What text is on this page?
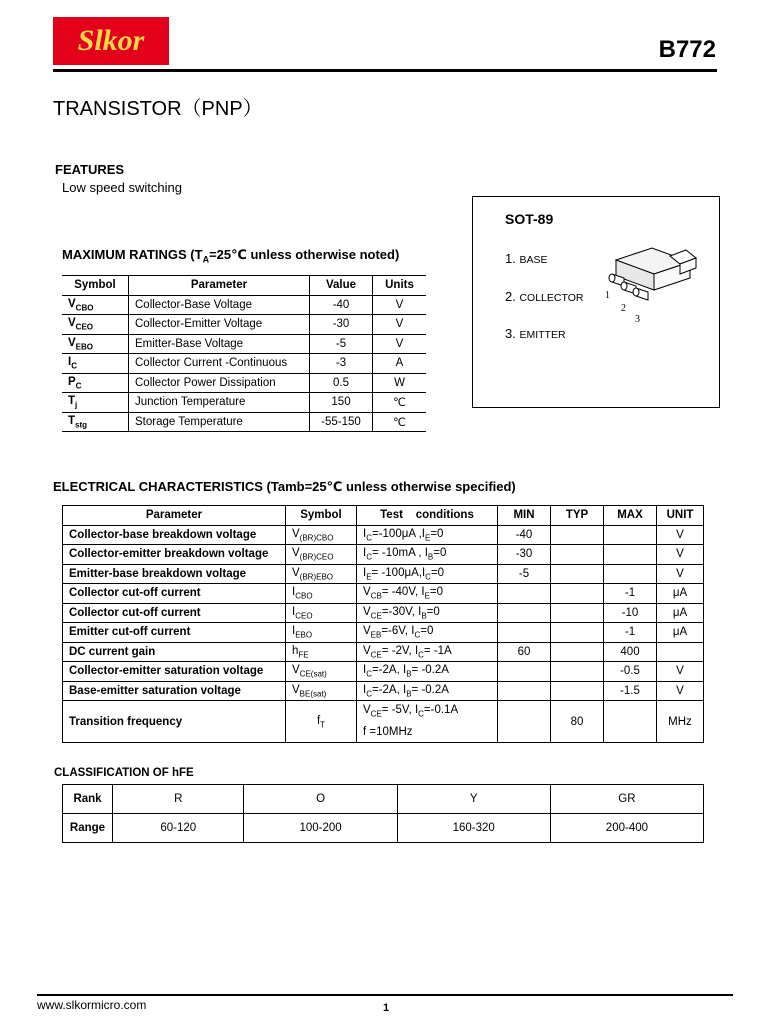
Slkor	B772
TRANSISTOR（PNP）
FEATURES
Low speed switching
SOT-89
1. BASE
2. COLLECTOR
3. EMITTER
1
2
3
MAXIMUM RATINGS ($T_A=25℃$ unless otherwise noted)
Symbol	Parameter	Value	Units
$V_{CBO}$	Collector-Base Voltage	-40	V
$V_{CEO}$	Collector-Emitter Voltage	-30	V
$V_{EBO}$	Emitter-Base Voltage	-5	V
$I_C$	Collector Current -Continuous	-3	A
$P_C$	Collector Power Dissipation	0.5	W
$T_j$	Junction Temperature	150	℃
$T_{stg}$	Storage Temperature	-55-150	℃
ELECTRICAL CHARACTERISTICS (Tamb=25℃ unless otherwise specified)
Parameter	Symbol	Test    conditions	MIN	TYP	MAX	UNIT
Collector-base breakdown voltage	$V_{(BR)CBO}$	$I_C=-100\mu A$ $,I_E=0$	-40			V
Collector-emitter breakdown voltage	$V_{(BR)CEO}$	$I_C= -10mA$ , $I_B=0$	-30			V
Emitter-base breakdown voltage	$V_{(BR)EBO}$	$I_E= -100\mu A,I_C=0$	-5			V
Collector cut-off current	$I_{CBO}$	$V_{CB}= -40V$, $I_E=0$			-1	μA
Collector cut-off current	$I_{CEO}$	$V_{CE}=-30V$, $I_B=0$			-10	μA
Emitter cut-off current	$I_{EBO}$	$V_{EB}=-6V$, $I_C=0$			-1	μA
DC current gain	$h_{FE}$	$V_{CE}= -2V$, $I_C= -1A$	60		400	
Collector-emitter saturation voltage	$V_{CE(sat)}$	$I_C=-2A$, $I_B= -0.2A$			-0.5	V
Base-emitter saturation voltage	$V_{BE(sat)}$	$I_C=-2A$, $I_B= -0.2A$			-1.5	V
Transition frequency	$f_T$	$V_{CE}= -5V$, $I_C=-0.1A$
f =10MHz		80		MHz
CLASSIFICATION OF hFE
Rank	R	O	Y	GR
Range	60-120	100-200	160-320	200-400
www.slkormicro.com	1
